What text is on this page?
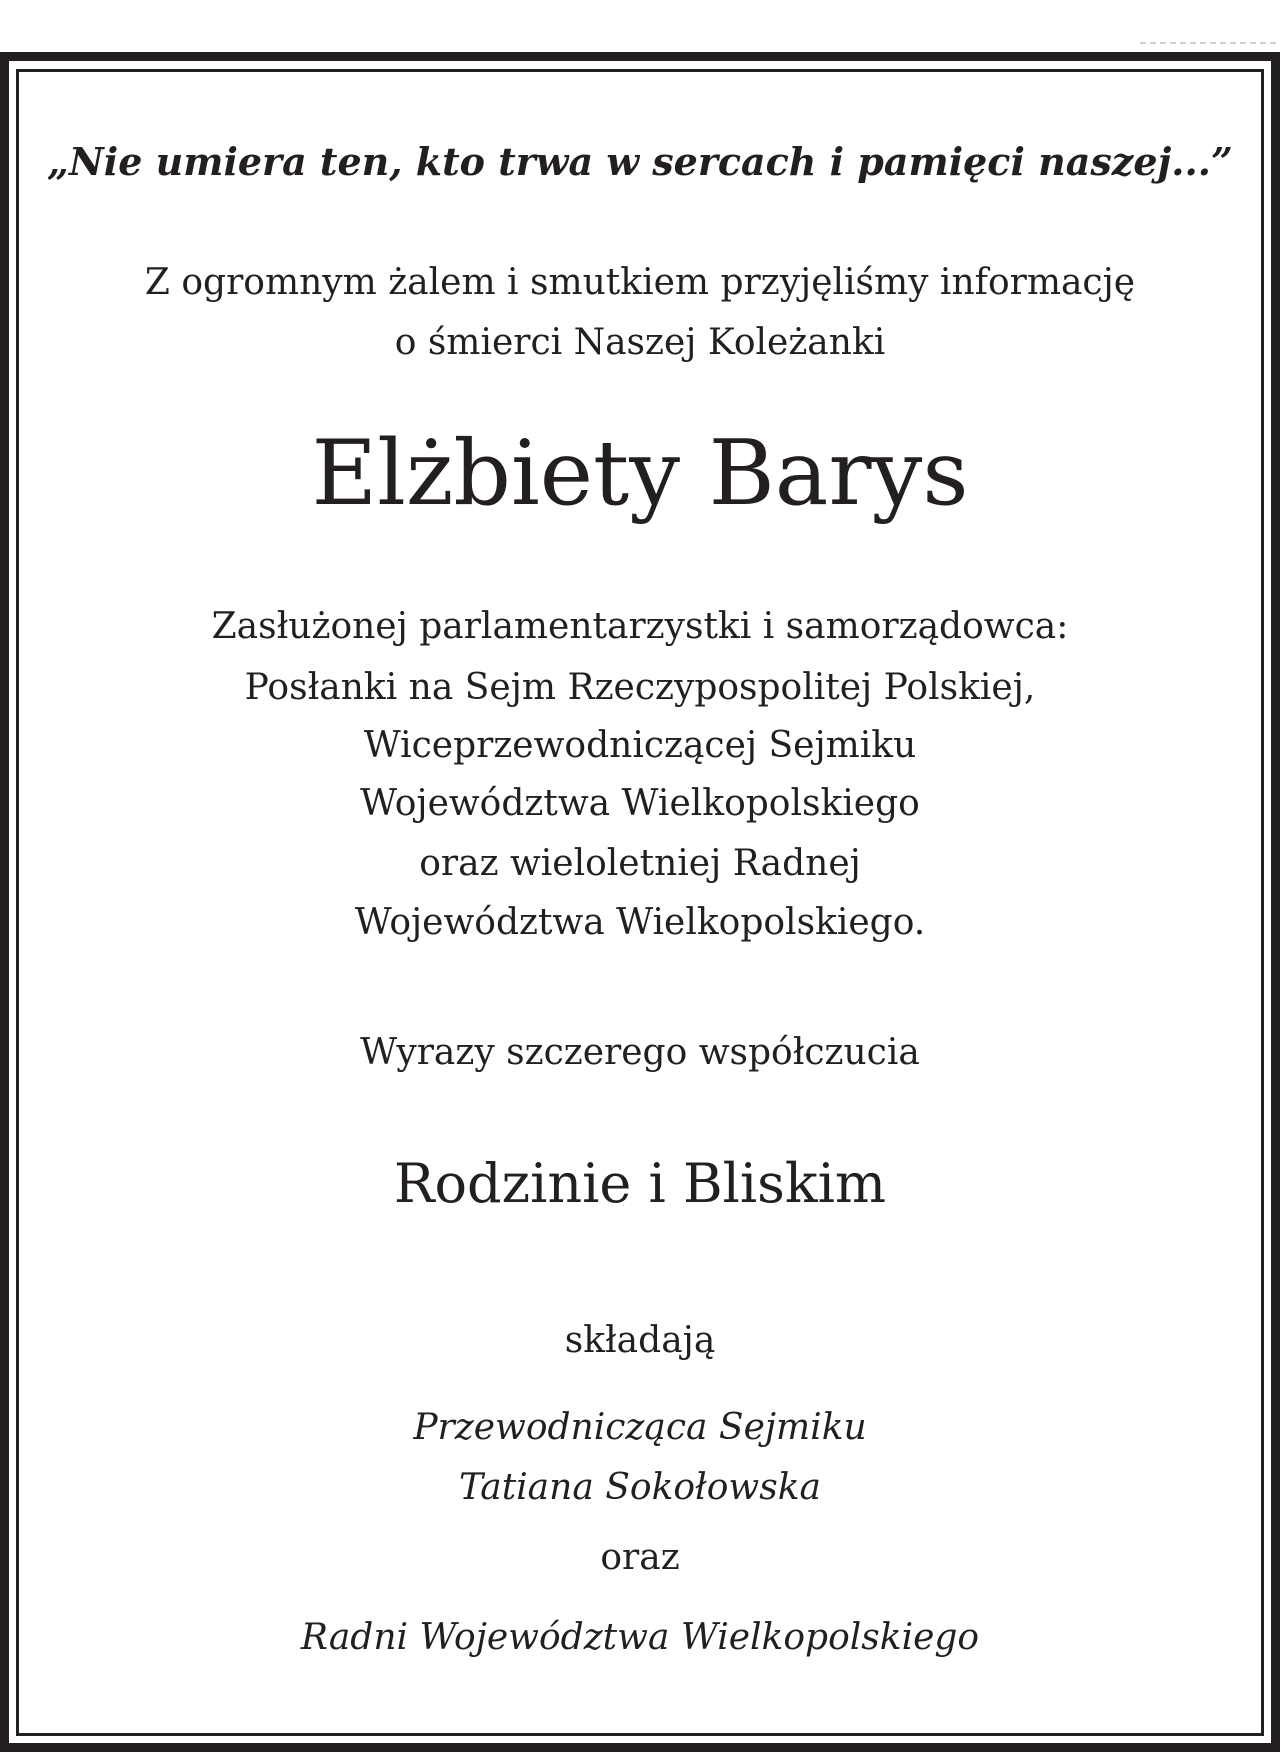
„Nie umiera ten, kto trwa w sercach i pamięci naszej...”
Z ogromnym żalem i smutkiem przyjęliśmy informację
o śmierci Naszej Koleżanki
Elżbiety Barys
Zasłużonej parlamentarzystki i samorządowca:
Posłanki na Sejm Rzeczypospolitej Polskiej,
Wiceprzewodniczącej Sejmiku
Województwa Wielkopolskiego
oraz wieloletniej Radnej
Województwa Wielkopolskiego.
Wyrazy szczerego współczucia
Rodzinie i Bliskim
składają
Przewodnicząca Sejmiku
Tatiana Sokołowska
oraz
Radni Województwa Wielkopolskiego
